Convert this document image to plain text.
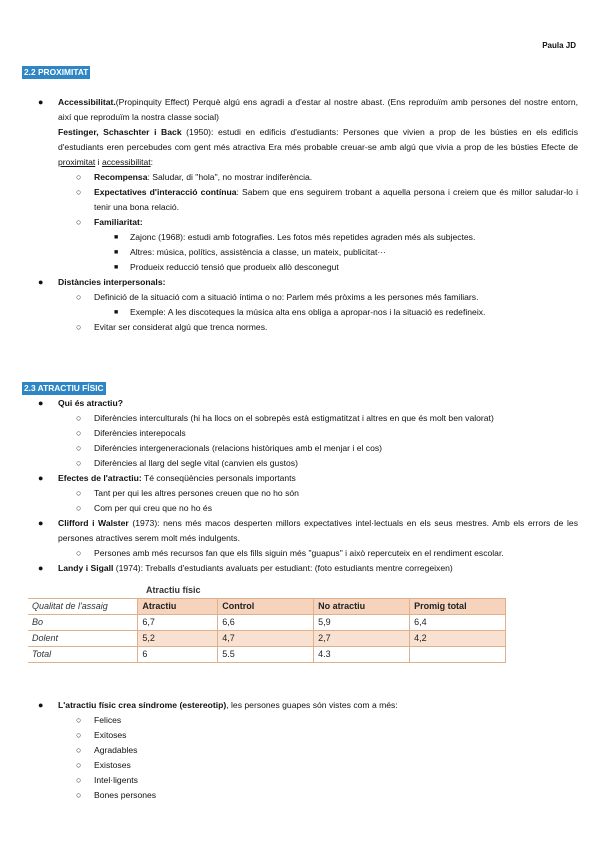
Paula JD
2.2 PROXIMITAT
● Accessibilitat.(Propinquity Effect) Perquè algú ens agradi a d'estar al nostre abast. (Ens reproduïm amb persones del nostre entorn, així que reproduïm la nostra classe social)
Festinger, Schaschter i Back (1950): estudi en edificis d'estudiants: Persones que vivien a prop de les bústies en els edificis d'estudiants eren percebudes com gent més atractiva Era més probable creuar-se amb algú que vivia a prop de les bústies Efecte de proximitat i accessibilitat:
○ Recompensa: Saludar, di "hola", no mostrar indiferència.
○ Expectatives d'interacció contínua: Sabem que ens seguirem trobant a aquella persona i creiem que és millor saludar-lo i tenir una bona relació.
○ Familiaritat:
■ Zajonc (1968): estudi amb fotografies. Les fotos més repetides agraden més als subjectes.
■ Altres: música, polítics, assistència a classe, un mateix, publicitat···
■ Produeix reducció tensió que produeix allò desconegut
● Distàncies interpersonals:
○ Definició de la situació com a situació íntima o no: Parlem més pròxims a les persones més familiars.
■ Exemple: A les discoteques la música alta ens obliga a apropar-nos i la situació es redefineix.
○ Evitar ser considerat algú que trenca normes.
2.3 ATRACTIU FÍSIC
● Qui és atractiu?
○ Diferències interculturals (hi ha llocs on el sobrepès està estigmatitzat i altres en que és molt ben valorat)
○ Diferències interepocals
○ Diferències intergeneracionals (relacions històriques amb el menjar i el cos)
○ Diferències al llarg del segle vital (canvien els gustos)
● Efectes de l'atractiu: Té conseqüències personals importants
○ Tant per qui les altres persones creuen que no ho són
○ Com per qui creu que no ho és
● Clifford i Walster (1973): nens més macos desperten millors expectatives intel·lectuals en els seus mestres. Amb els errors de les persones atractives serem molt més indulgents.
○ Persones amb més recursos fan que els fills siguin més "guapus" i això repercuteix en el rendiment escolar.
● Landy i Sigall (1974): Treballs d'estudiants avaluats per estudiant: (foto estudiants mentre corregeixen)
Atractiu físic
Qualitat de l'assaig	Atractiu	Control	No atractiu	Promig total
Bo	6,7	6,6	5,9	6,4
Dolent	5,2	4,7	2,7	4,2
Total	6	5.5	4.3	
● L'atractiu físic crea síndrome (estereotip), les persones guapes són vistes com a més:
○ Felices
○ Exitoses
○ Agradables
○ Existoses
○ Intel·ligents
○ Bones persones
